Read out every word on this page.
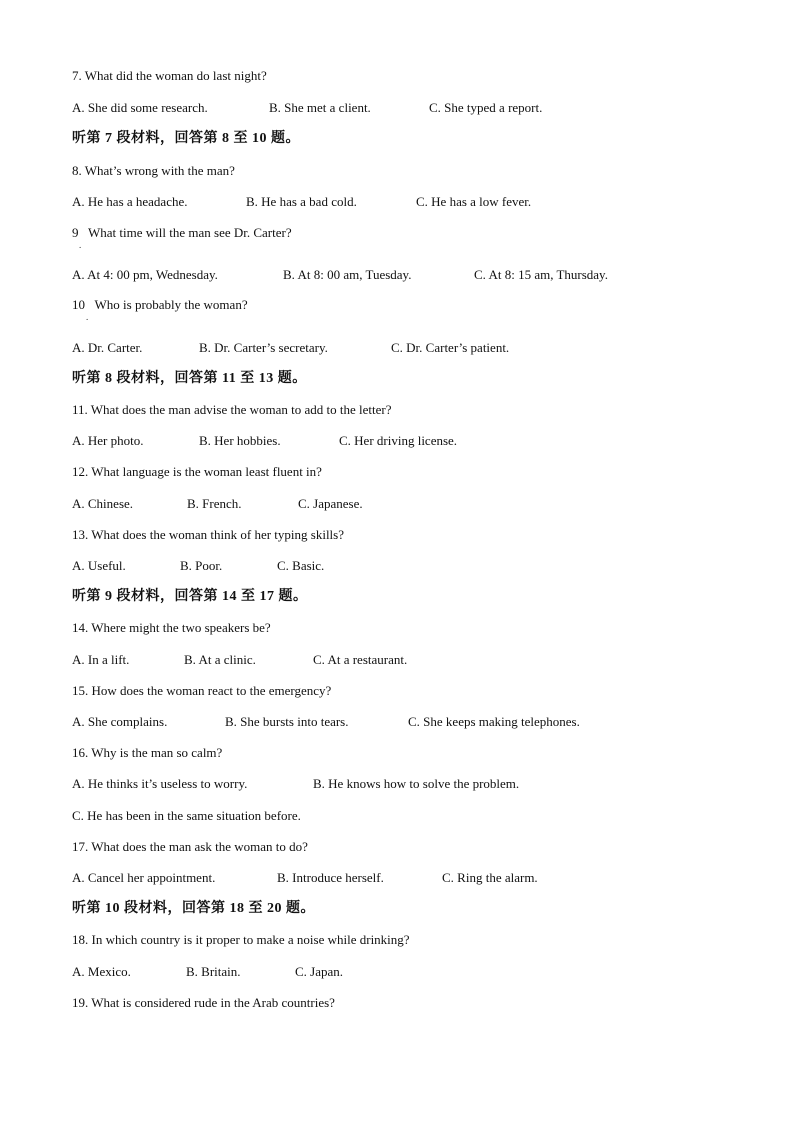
7. What did the woman do last night?
A. She did some research.	B. She met a client.	C. She typed a report.
听第 7 段材料，回答第 8 至 10 题。
8. What’s wrong with the man?
A. He has a headache.	B. He has a bad cold.	C. He has a low fever.
9   What time will the man see Dr. Carter?
.
A. At 4: 00 pm, Wednesday.	B. At 8: 00 am, Tuesday.	C. At 8: 15 am, Thursday.
10   Who is probably the woman?
.
A. Dr. Carter.	B. Dr. Carter’s secretary.	C. Dr. Carter’s patient.
听第 8 段材料，回答第 11 至 13 题。
11. What does the man advise the woman to add to the letter?
A. Her photo.	B. Her hobbies.	C. Her driving license.
12. What language is the woman least fluent in?
A. Chinese.	B. French.	C. Japanese.
13. What does the woman think of her typing skills?
A. Useful.	B. Poor.	C. Basic.
听第 9 段材料，回答第 14 至 17 题。
14. Where might the two speakers be?
A. In a lift.	B. At a clinic.	C. At a restaurant.
15. How does the woman react to the emergency?
A. She complains.	B. She bursts into tears.	C. She keeps making telephones.
16. Why is the man so calm?
A. He thinks it’s useless to worry.	B. He knows how to solve the problem.
C. He has been in the same situation before.
17. What does the man ask the woman to do?
A. Cancel her appointment.	B. Introduce herself.	C. Ring the alarm.
听第 10 段材料，回答第 18 至 20 题。
18. In which country is it proper to make a noise while drinking?
A. Mexico.	B. Britain.	C. Japan.
19. What is considered rude in the Arab countries?
